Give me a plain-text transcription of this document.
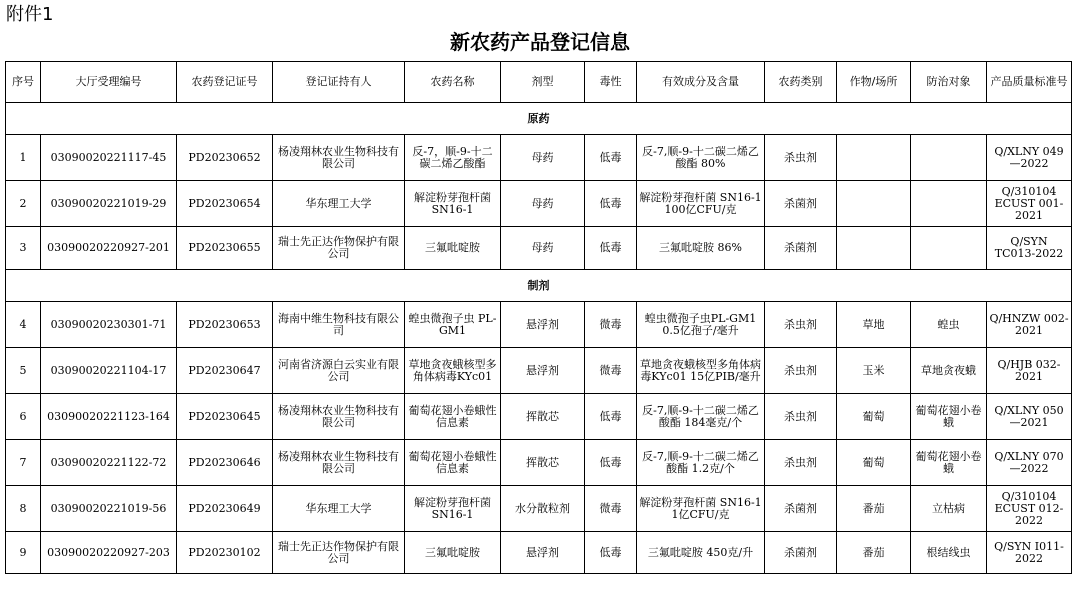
附件1
新农药产品登记信息
序号	大厅受理编号	农药登记证号	登记证持有人	农药名称	剂型	毒性	有效成分及含量	农药类别	作物/场所	防治对象	产品质量标准号
原药											
1	03090020221117-45	PD20230652	杨凌翔林农业生物科技有限公司	反-7，顺-9-十二碳二烯乙酸酯	母药	低毒	反-7,顺-9-十二碳二烯乙酸酯 80%	杀虫剂			Q/XLNY 049—2022
2	03090020221019-29	PD20230654	华东理工大学	解淀粉芽孢杆菌 SN16-1	母药	低毒	解淀粉芽孢杆菌 SN16-1 100亿CFU/克	杀菌剂			Q/310104 ECUST 001-2021
3	03090020220927-201	PD20230655	瑞士先正达作物保护有限公司	三氟吡啶胺	母药	低毒	三氟吡啶胺 86%	杀菌剂			Q/SYN TC013-2022
制剂											
4	03090020230301-71	PD20230653	海南中维生物科技有限公司	蝗虫微孢子虫 PL-GM1	悬浮剂	微毒	蝗虫微孢子虫PL-GM1 0.5亿孢子/毫升	杀虫剂	草地	蝗虫	Q/HNZW 002-2021
5	03090020221104-17	PD20230647	河南省济源白云实业有限公司	草地贪夜蛾核型多角体病毒KYc01	悬浮剂	微毒	草地贪夜蛾核型多角体病毒KYc01 15亿PIB/毫升	杀虫剂	玉米	草地贪夜蛾	Q/HJB 032-2021
6	03090020221123-164	PD20230645	杨凌翔林农业生物科技有限公司	葡萄花翅小卷蛾性信息素	挥散芯	低毒	反-7,顺-9-十二碳二烯乙酸酯 184毫克/个	杀虫剂	葡萄	葡萄花翅小卷蛾	Q/XLNY 050—2021
7	03090020221122-72	PD20230646	杨凌翔林农业生物科技有限公司	葡萄花翅小卷蛾性信息素	挥散芯	低毒	反-7,顺-9-十二碳二烯乙酸酯 1.2克/个	杀虫剂	葡萄	葡萄花翅小卷蛾	Q/XLNY 070—2022
8	03090020221019-56	PD20230649	华东理工大学	解淀粉芽孢杆菌 SN16-1	水分散粒剂	微毒	解淀粉芽孢杆菌 SN16-1 1亿CFU/克	杀菌剂	番茄	立枯病	Q/310104 ECUST 012-2022
9	03090020220927-203	PD20230102	瑞士先正达作物保护有限公司	三氟吡啶胺	悬浮剂	低毒	三氟吡啶胺 450克/升	杀菌剂	番茄	根结线虫	Q/SYN I011-2022
